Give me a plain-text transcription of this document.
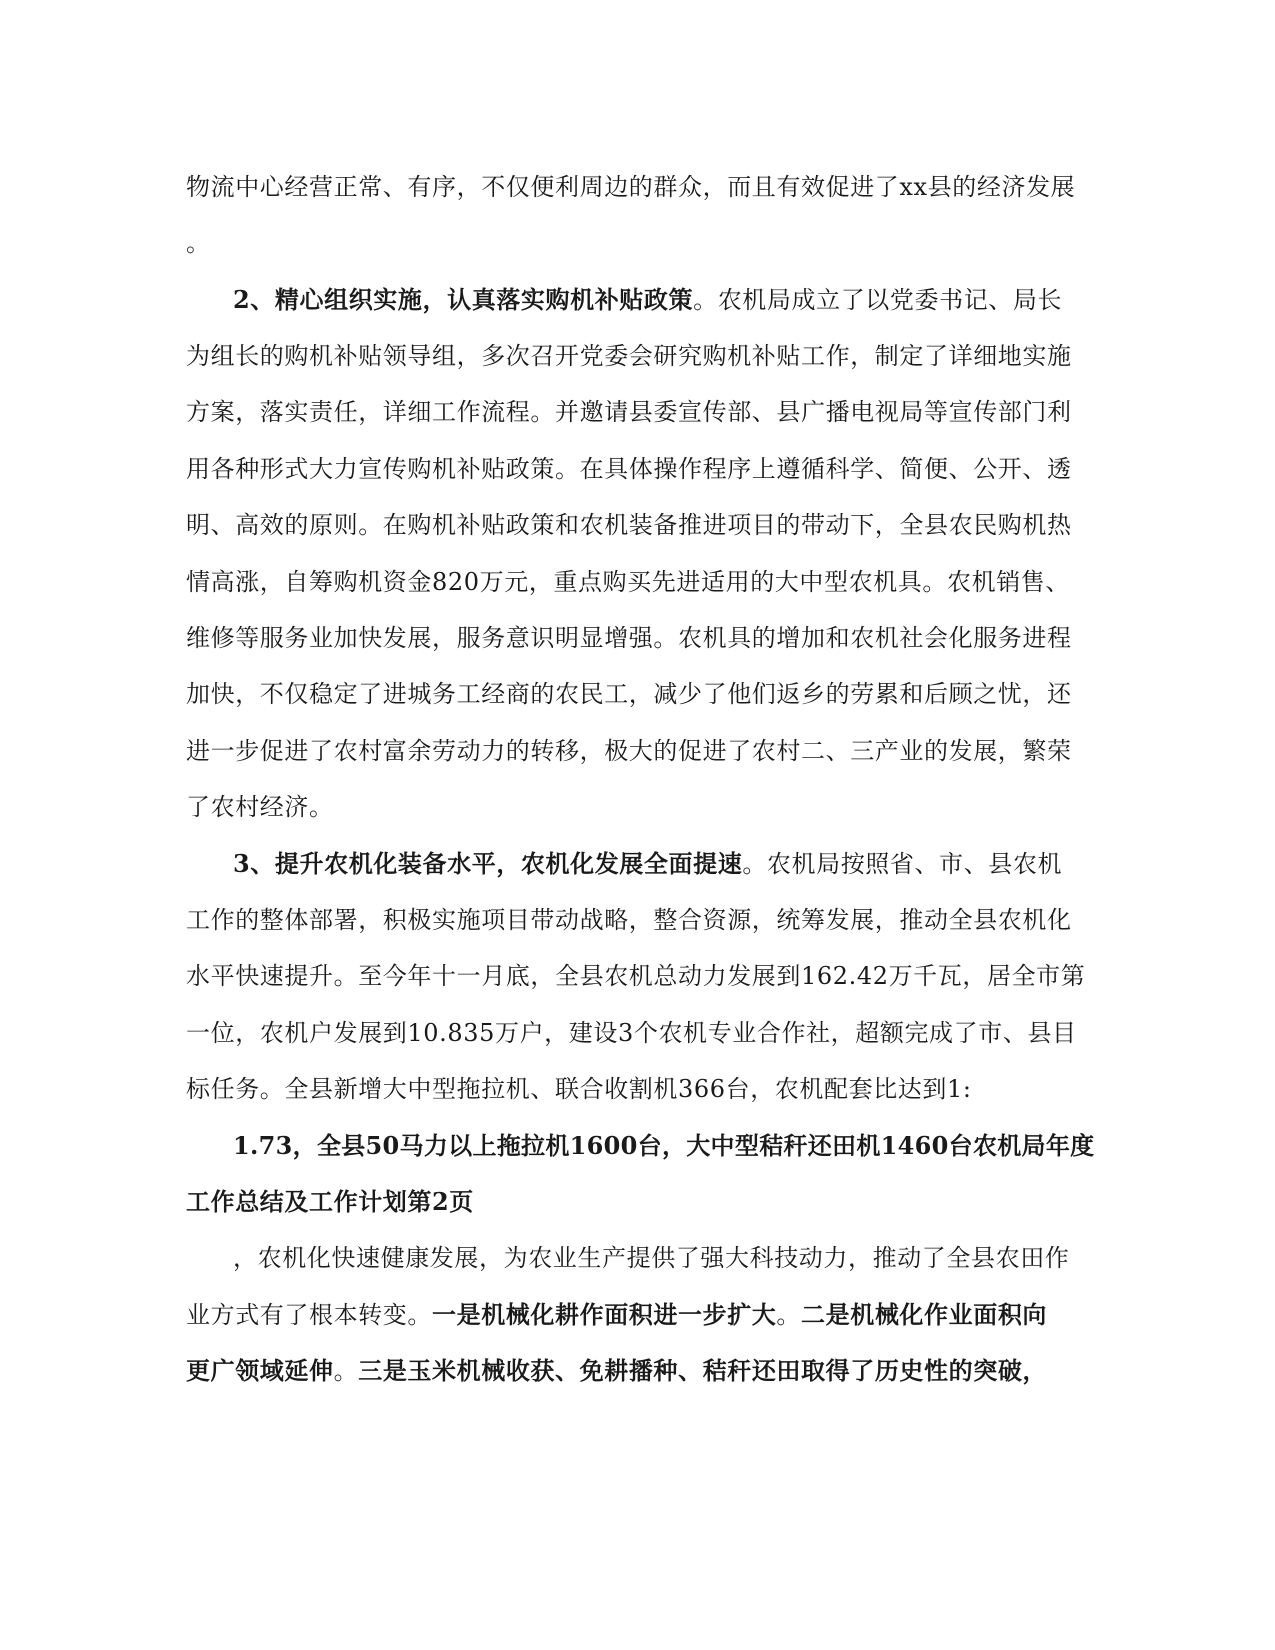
物流中心经营正常、有序，不仅便利周边的群众，而且有效促进了xx县的经济发展
。
2、精心组织实施，认真落实购机补贴政策。农机局成立了以党委书记、局长
为组长的购机补贴领导组，多次召开党委会研究购机补贴工作，制定了详细地实施
方案，落实责任，详细工作流程。并邀请县委宣传部、县广播电视局等宣传部门利
用各种形式大力宣传购机补贴政策。在具体操作程序上遵循科学、简便、公开、透
明、高效的原则。在购机补贴政策和农机装备推进项目的带动下，全县农民购机热
情高涨，自筹购机资金820万元，重点购买先进适用的大中型农机具。农机销售、
维修等服务业加快发展，服务意识明显增强。农机具的增加和农机社会化服务进程
加快，不仅稳定了进城务工经商的农民工，减少了他们返乡的劳累和后顾之忧，还
进一步促进了农村富余劳动力的转移，极大的促进了农村二、三产业的发展，繁荣
了农村经济。
3、提升农机化装备水平，农机化发展全面提速。农机局按照省、市、县农机
工作的整体部署，积极实施项目带动战略，整合资源，统筹发展，推动全县农机化
水平快速提升。至今年十一月底，全县农机总动力发展到162.42万千瓦，居全市第
一位，农机户发展到10.835万户，建设3个农机专业合作社，超额完成了市、县目
标任务。全县新增大中型拖拉机、联合收割机366台，农机配套比达到1:
1.73，全县50马力以上拖拉机1600台，大中型秸秆还田机1460台农机局年度
工作总结及工作计划第2页
，农机化快速健康发展，为农业生产提供了强大科技动力，推动了全县农田作
业方式有了根本转变。一是机械化耕作面积进一步扩大。二是机械化作业面积向
更广领域延伸。三是玉米机械收获、免耕播种、秸秆还田取得了历史性的突破，
